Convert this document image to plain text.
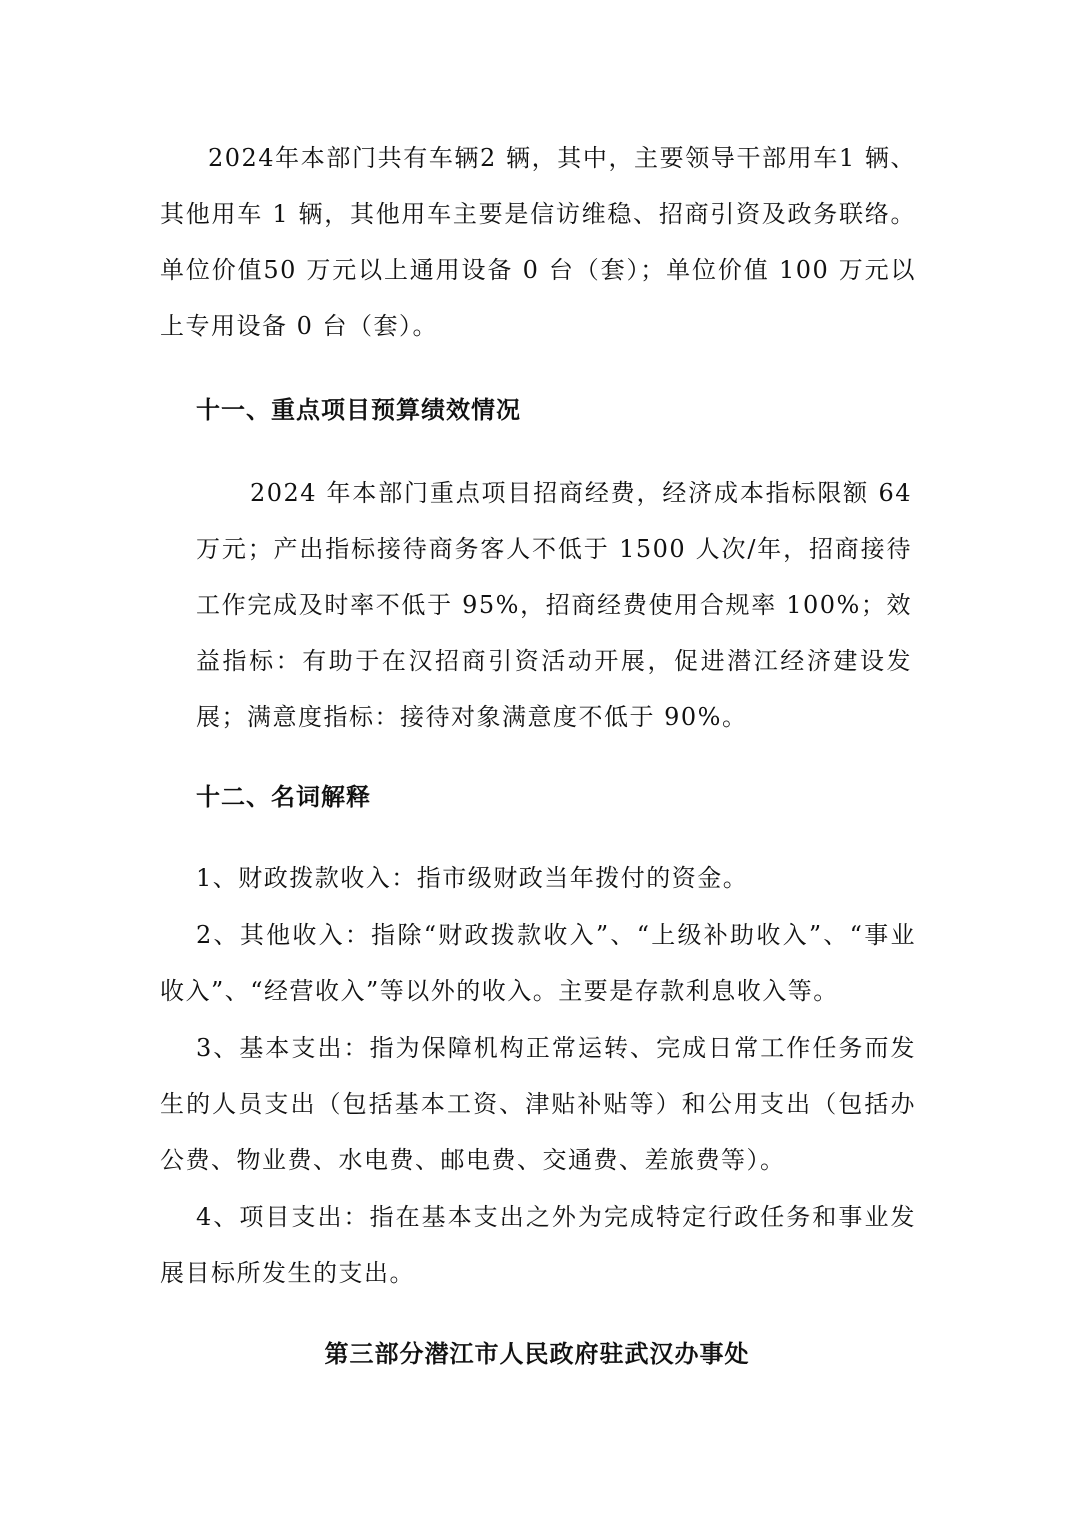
2024年本部门共有车辆2 辆，其中，主要领导干部用车1 辆、其他用车 1 辆，其他用车主要是信访维稳、招商引资及政务联络。单位价值50 万元以上通用设备 0 台（套）；单位价值 100 万元以上专用设备 0 台（套）。

十一、重点项目预算绩效情况

2024 年本部门重点项目招商经费，经济成本指标限额 64 万元；产出指标接待商务客人不低于 1500 人次/年，招商接待工作完成及时率不低于 95%，招商经费使用合规率 100%；效益指标：有助于在汉招商引资活动开展，促进潜江经济建设发展；满意度指标：接待对象满意度不低于 90%。

十二、名词解释

1、财政拨款收入：指市级财政当年拨付的资金。

2、其他收入：指除“财政拨款收入”、“上级补助收入”、“事业收入”、“经营收入”等以外的收入。主要是存款利息收入等。

3、基本支出：指为保障机构正常运转、完成日常工作任务而发生的人员支出（包括基本工资、津贴补贴等）和公用支出（包括办公费、物业费、水电费、邮电费、交通费、差旅费等）。

4、项目支出：指在基本支出之外为完成特定行政任务和事业发展目标所发生的支出。

第三部分潜江市人民政府驻武汉办事处
